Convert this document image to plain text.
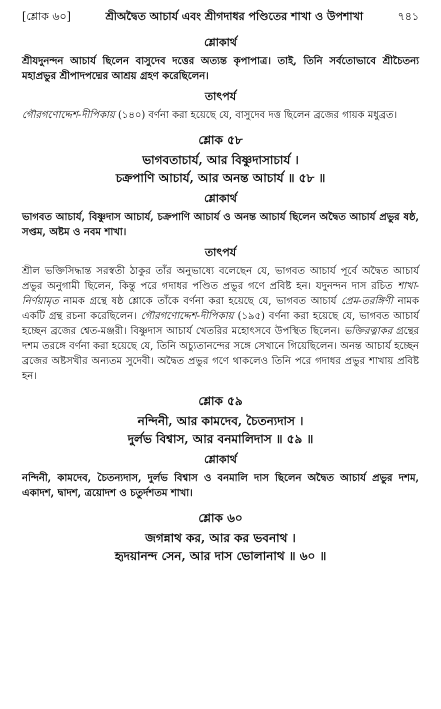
[শ্লোক ৬০]	শ্রীঅদ্বৈত আচার্য এবং শ্রীগদাধর পণ্ডিতের শাখা ও উপশাখা	৭৪১
শ্লোকার্থ

শ্রীযদুনন্দন আচার্য ছিলেন বাসুদেব দত্তের অত্যন্ত কৃপাপাত্র। তাই, তিনি সর্বতোভাবে শ্রীচৈতন্য মহাপ্রভুর শ্রীপাদপদ্মের আশ্রয় গ্রহণ করেছিলেন।

তাৎপর্য

গৌরগণোদ্দেশ-দীপিকায় (১৪০) বর্ণনা করা হয়েছে যে, বাসুদেব দত্ত ছিলেন ব্রজের গায়ক মধুব্রত।

শ্লোক ৫৮
ভাগবতাচার্য, আর বিষ্ণুদাসাচার্য ।
চক্রপাণি আচার্য, আর অনন্ত আচার্য ॥ ৫৮ ॥
শ্লোকার্থ

ভাগবত আচার্য, বিষ্ণুদাস আচার্য, চক্রপাণি আচার্য ও অনন্ত আচার্য ছিলেন অদ্বৈত আচার্য প্রভুর ষষ্ঠ, সপ্তম, অষ্টম ও নবম শাখা।

তাৎপর্য

শ্রীল ভক্তিসিদ্ধান্ত সরস্বতী ঠাকুর তাঁর অনুভাষ্যে বলেছেন যে, ভাগবত আচার্য পূর্বে অদ্বৈত আচার্য প্রভুর অনুগামী ছিলেন, কিন্তু পরে গদাধর পণ্ডিত প্রভুর গণে প্রবিষ্ট হন। যদুনন্দন দাস রচিত শাখা-নির্ণয়ামৃত নামক গ্রন্থে ষষ্ঠ শ্লোকে তাঁকে বর্ণনা করা হয়েছে যে, ভাগবত আচার্য প্রেম-তরঙ্গিণী নামক একটি গ্রন্থ রচনা করেছিলেন। গৌরগণোদ্দেশ-দীপিকায় (১৯৫) বর্ণনা করা হয়েছে যে, ভাগবত আচার্য হচ্ছেন ব্রজের শ্বেত-মঞ্জরী। বিষ্ণুদাস আচার্য খেতরির মহোৎসবে উপস্থিত ছিলেন। ভক্তিরত্নাকর গ্রন্থের দশম তরঙ্গে বর্ণনা করা হয়েছে যে, তিনি অচ্যুতানন্দের সঙ্গে সেখানে গিয়েছিলেন। অনন্ত আচার্য হচ্ছেন ব্রজের অষ্টসখীর অন্যতম সুদেবী। অদ্বৈত প্রভুর গণে থাকলেও তিনি পরে গদাধর প্রভুর শাখায় প্রবিষ্ট হন।

শ্লোক ৫৯
নন্দিনী, আর কামদেব, চৈতন্যদাস ।
দুর্লভ বিশ্বাস, আর বনমালিদাস ॥ ৫৯ ॥
শ্লোকার্থ

নন্দিনী, কামদেব, চৈতন্যদাস, দুর্লভ বিশ্বাস ও বনমালি দাস ছিলেন অদ্বৈত আচার্য প্রভুর দশম, একাদশ, দ্বাদশ, ত্রয়োদশ ও চতুর্দশতম শাখা।

শ্লোক ৬০
জগন্নাথ কর, আর কর ভবনাথ ।
হৃদয়ানন্দ সেন, আর দাস ভোলানাথ ॥ ৬০ ॥
